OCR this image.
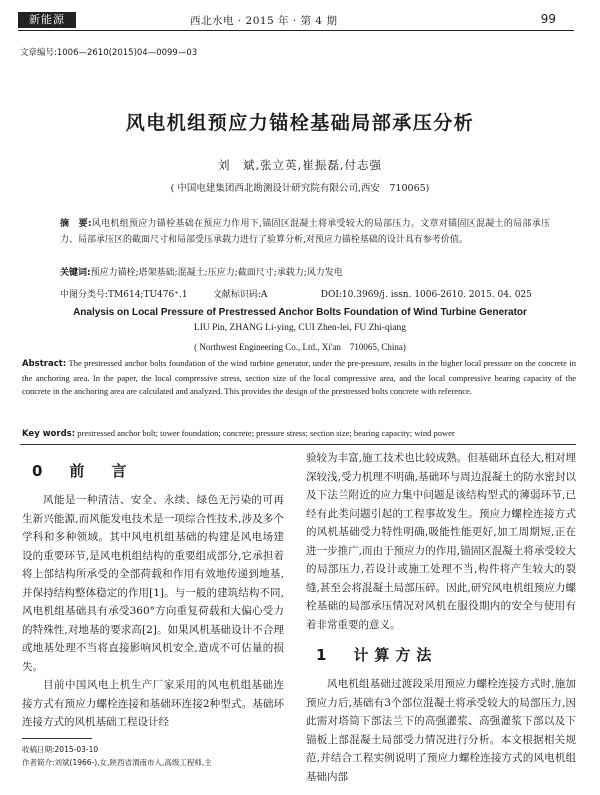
新能源	西北水电 · 2015 年 · 第 4 期	99
文章编号:1006—2610(2015)04—0099—03
风电机组预应力锚栓基础局部承压分析
刘　斌,张立英,崔振磊,付志强
( 中国电建集团西北勘测设计研究院有限公司,西安　710065)
摘　要:风电机组预应力锚栓基础在预应力作用下,锚固区混凝土将承受较大的局部压力。文章对锚固区混凝土的局部承压力、局部承压区的截面尺寸和局部受压承载力进行了验算分析,对预应力锚栓基础的设计具有参考价值。
关键词:预应力锚栓;塔架基础;混凝土;压应力;截面尺寸;承载力;风力发电
中图分类号:TM614;TU476⁺.1	文献标识码:A	DOI:10.3969/j. issn. 1006-2610. 2015. 04. 025
Analysis on Local Pressure of Prestressed Anchor Bolts Foundation of Wind Turbine Generator
LIU Pin, ZHANG Li-ying, CUI Zhen-lei, FU Zhi-qiang
( Northwest Engineering Co., Ltd., Xi'an　710065, China)
Abstract: The prestressed anchor bolts foundation of the wind turbine generator, under the pre-pressure, results in the higher local pressure on the concrete in the anchoring area. In the paper, the local compressive stress, section size of the local compressive area, and the local compressive bearing capacity of the concrete in the anchoring area are calculated and analyzed. This provides the design of the prestressed bolts concrete with reference.
Key words: prestressed anchor bolt; tower foundation; concrete; pressure stress; section size; bearing capacity; wind power
0　前　言

风能是一种清洁、安全、永续、绿色无污染的可再生新兴能源,而风能发电技术是一项综合性技术,涉及多个学科和多种领域。其中风电机组基础的构建是风电场建设的重要环节,是风电机组结构的重要组成部分,它承担着将上部结构所承受的全部荷载和作用有效地传递到地基,并保持结构整体稳定的作用[1]。与一般的建筑结构不同,风电机组基础具有承受360°方向重复荷载和大偏心受力的特殊性,对地基的要求高[2]。如果风机基础设计不合理或地基处理不当将直接影响风机安全,造成不可估量的损失。

目前中国风电上机生产厂家采用的风电机组基础连接方式有预应力螺栓连接和基础环连接2种型式。基础环连接方式的风机基础工程设计经

收稿日期:2015-03-10
作者简介:刘斌(1966-),女,陕西省渭南市人,高级工程师,主

验较为丰富,施工技术也比较成熟。但基础环直径大,相对埋深较浅,受力机理不明确,基础环与周边混凝土的防水密封以及下法兰附近的应力集中问题是该结构型式的薄弱环节,已经有此类问题引起的工程事故发生。预应力螺栓连接方式的风机基础受力特性明确,吸能性能更好,加工周期短,正在进一步推广,而由于预应力的作用,锚固区混凝土将承受较大的局部压力,若设计或施工处理不当,构件将产生较大的裂缝,甚至会将混凝土局部压碎。因此,研究风电机组预应力螺栓基础的局部承压情况对风机在服役期内的安全与使用有着非常重要的意义。

1　计算方法

风电机组基础过渡段采用预应力螺栓连接方式时,施加预应力后,基础有3个部位混凝土将承受较大的局部压力,因此需对塔筒下部法兰下的高强灌浆、高强灌浆下部以及下锚板上部混凝土局部受力情况进行分析。本文根据相关规范,并结合工程实例说明了预应力螺栓连接方式的风电机组基础内部
